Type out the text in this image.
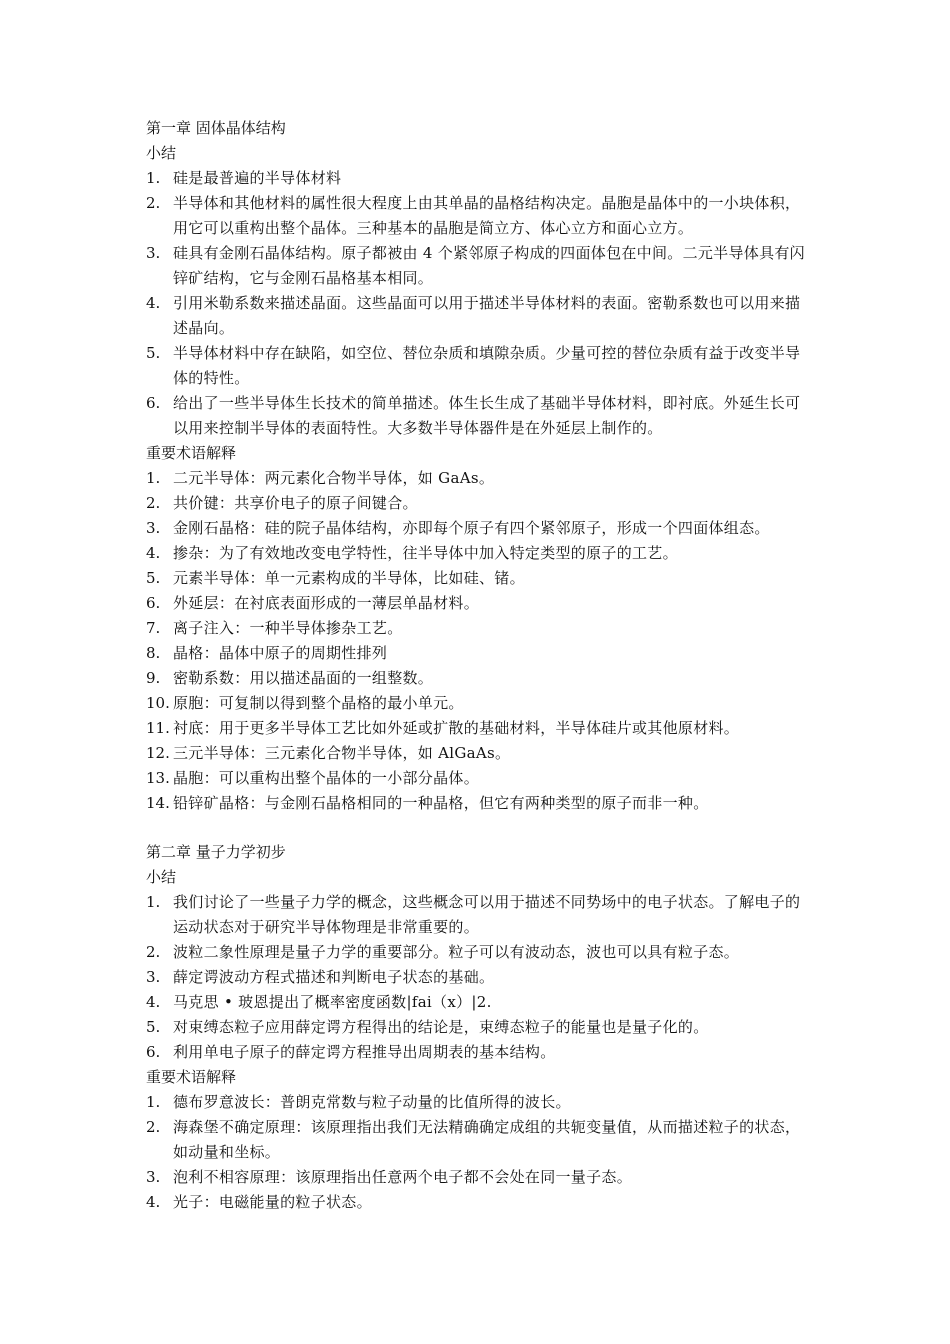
第一章 固体晶体结构
小结
1. 硅是最普遍的半导体材料
2. 半导体和其他材料的属性很大程度上由其单晶的晶格结构决定。晶胞是晶体中的一小块体积，用它可以重构出整个晶体。三种基本的晶胞是简立方、体心立方和面心立方。
3. 硅具有金刚石晶体结构。原子都被由 4 个紧邻原子构成的四面体包在中间。二元半导体具有闪锌矿结构，它与金刚石晶格基本相同。
4. 引用米勒系数来描述晶面。这些晶面可以用于描述半导体材料的表面。密勒系数也可以用来描述晶向。
5. 半导体材料中存在缺陷，如空位、替位杂质和填隙杂质。少量可控的替位杂质有益于改变半导体的特性。
6. 给出了一些半导体生长技术的简单描述。体生长生成了基础半导体材料，即衬底。外延生长可以用来控制半导体的表面特性。大多数半导体器件是在外延层上制作的。
重要术语解释
1. 二元半导体：两元素化合物半导体，如 GaAs。
2. 共价键：共享价电子的原子间键合。
3. 金刚石晶格：硅的院子晶体结构，亦即每个原子有四个紧邻原子，形成一个四面体组态。
4. 掺杂：为了有效地改变电学特性，往半导体中加入特定类型的原子的工艺。
5. 元素半导体：单一元素构成的半导体，比如硅、锗。
6. 外延层：在衬底表面形成的一薄层单晶材料。
7. 离子注入：一种半导体掺杂工艺。
8. 晶格：晶体中原子的周期性排列
9. 密勒系数：用以描述晶面的一组整数。
10. 原胞：可复制以得到整个晶格的最小单元。
11. 衬底：用于更多半导体工艺比如外延或扩散的基础材料，半导体硅片或其他原材料。
12. 三元半导体：三元素化合物半导体，如 AlGaAs。
13. 晶胞：可以重构出整个晶体的一小部分晶体。
14. 铅锌矿晶格：与金刚石晶格相同的一种晶格，但它有两种类型的原子而非一种。
第二章 量子力学初步
小结
1. 我们讨论了一些量子力学的概念，这些概念可以用于描述不同势场中的电子状态。了解电子的运动状态对于研究半导体物理是非常重要的。
2. 波粒二象性原理是量子力学的重要部分。粒子可以有波动态，波也可以具有粒子态。
3. 薛定谔波动方程式描述和判断电子状态的基础。
4. 马克思 • 玻恩提出了概率密度函数|fai（x）|2.
5. 对束缚态粒子应用薛定谔方程得出的结论是，束缚态粒子的能量也是量子化的。
6. 利用单电子原子的薛定谔方程推导出周期表的基本结构。
重要术语解释
1. 德布罗意波长：普朗克常数与粒子动量的比值所得的波长。
2. 海森堡不确定原理：该原理指出我们无法精确确定成组的共轭变量值，从而描述粒子的状态，如动量和坐标。
3. 泡利不相容原理：该原理指出任意两个电子都不会处在同一量子态。
4. 光子：电磁能量的粒子状态。
